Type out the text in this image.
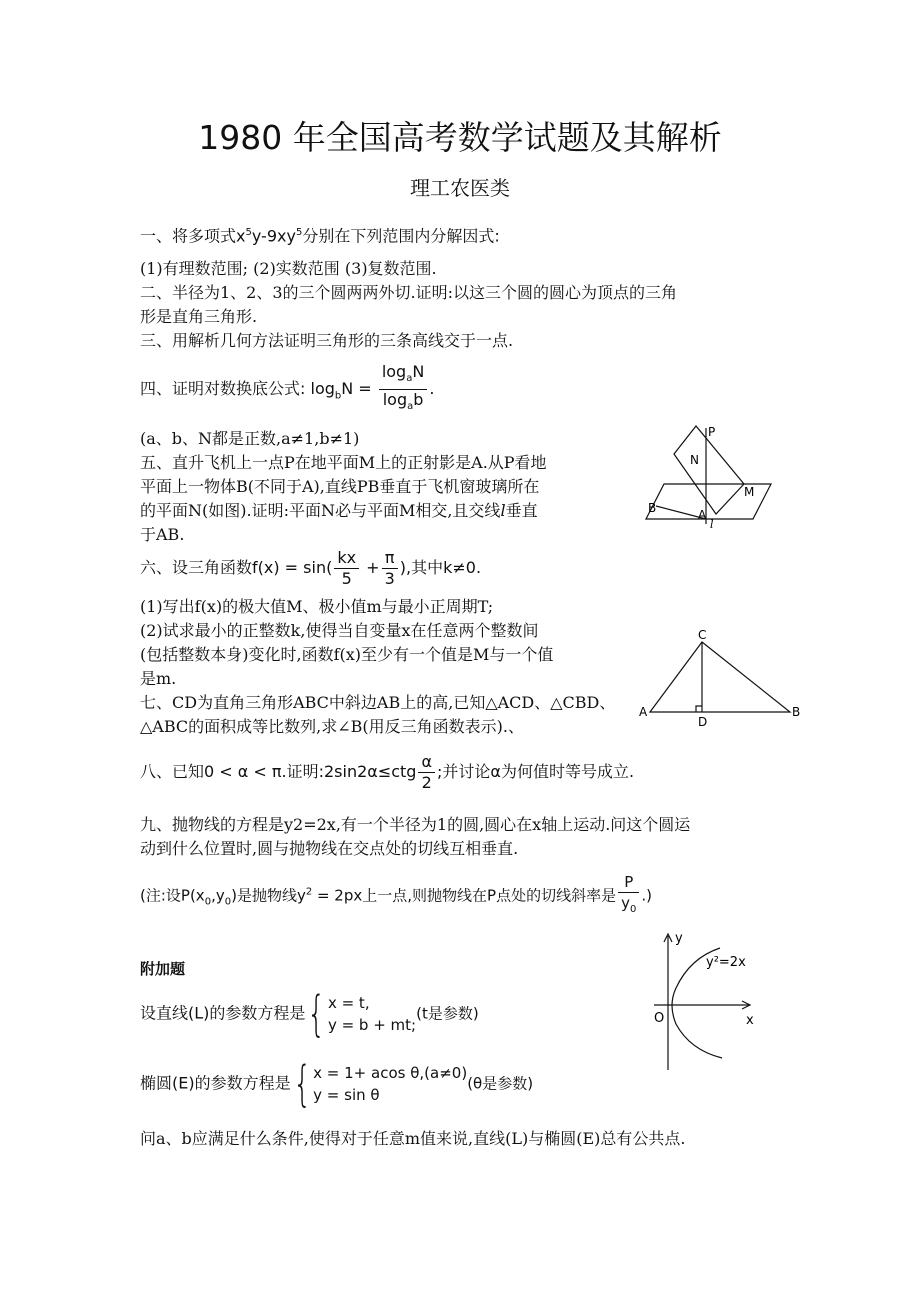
1980 年全国高考数学试题及其解析
理工农医类
一、将多项式$x^5y-9xy^5$分别在下列范围内分解因式:
(1)有理数范围; (2)实数范围 (3)复数范围.
二、半径为1、2、3的三个圆两两外切.证明:以这三个圆的圆心为顶点的三角
形是直角三角形.
三、用解析几何方法证明三角形的三条高线交于一点.
四、证明对数换底公式: $\log_bN = \frac{\log_aN}{\log_ab}$ .
(a、b、N都是正数,a≠1,b≠1)
五、直升飞机上一点P在地平面M上的正射影是A.从P看地
平面上一物体B(不同于A),直线PB垂直于飞机窗玻璃所在
的平面N(如图).证明:平面N必与平面M相交,且交线l垂直
于AB.
P
N
M
B	A
l
六、设三角函数$f(x) = \sin( \frac{kx}{5} + \frac{\pi}{3}$ ),其中k≠0.
(1)写出f(x)的极大值M、极小值m与最小正周期T;
(2)试求最小的正整数k,使得当自变量x在任意两个整数间
(包括整数本身)变化时,函数f(x)至少有一个值是M与一个值
是m.
C
A
D
B
七、CD为直角三角形ABC中斜边AB上的高,已知△ACD、△CBD、
△ABC的面积成等比数列,求∠B(用反三角函数表示).、
八、已知0 < α < π.证明:2sin2α≤ctg $\frac{\alpha}{2}$ ;并讨论α为何值时等号成立.
九、抛物线的方程是y2=2x,有一个半径为1的圆,圆心在x轴上运动.问这个圆运
动到什么位置时,圆与抛物线在交点处的切线互相垂直.
(注:设$P(x_0,y_0)$是抛物线$y^2 = 2px$上一点,则抛物线在P点处的切线斜率是 $\frac{P}{y_0}$ .)
附加题
设直线(L)的参数方程是{ x = t,
y = b + mt;
(t是参数)
椭圆(E)的参数方程是{ x = 1+ acos θ,(a≠0)
y = sin θ
(θ是参数)
y
x
O
y²=2x
问a、b应满足什么条件,使得对于任意m值来说,直线(L)与椭圆(E)总有公共点.
